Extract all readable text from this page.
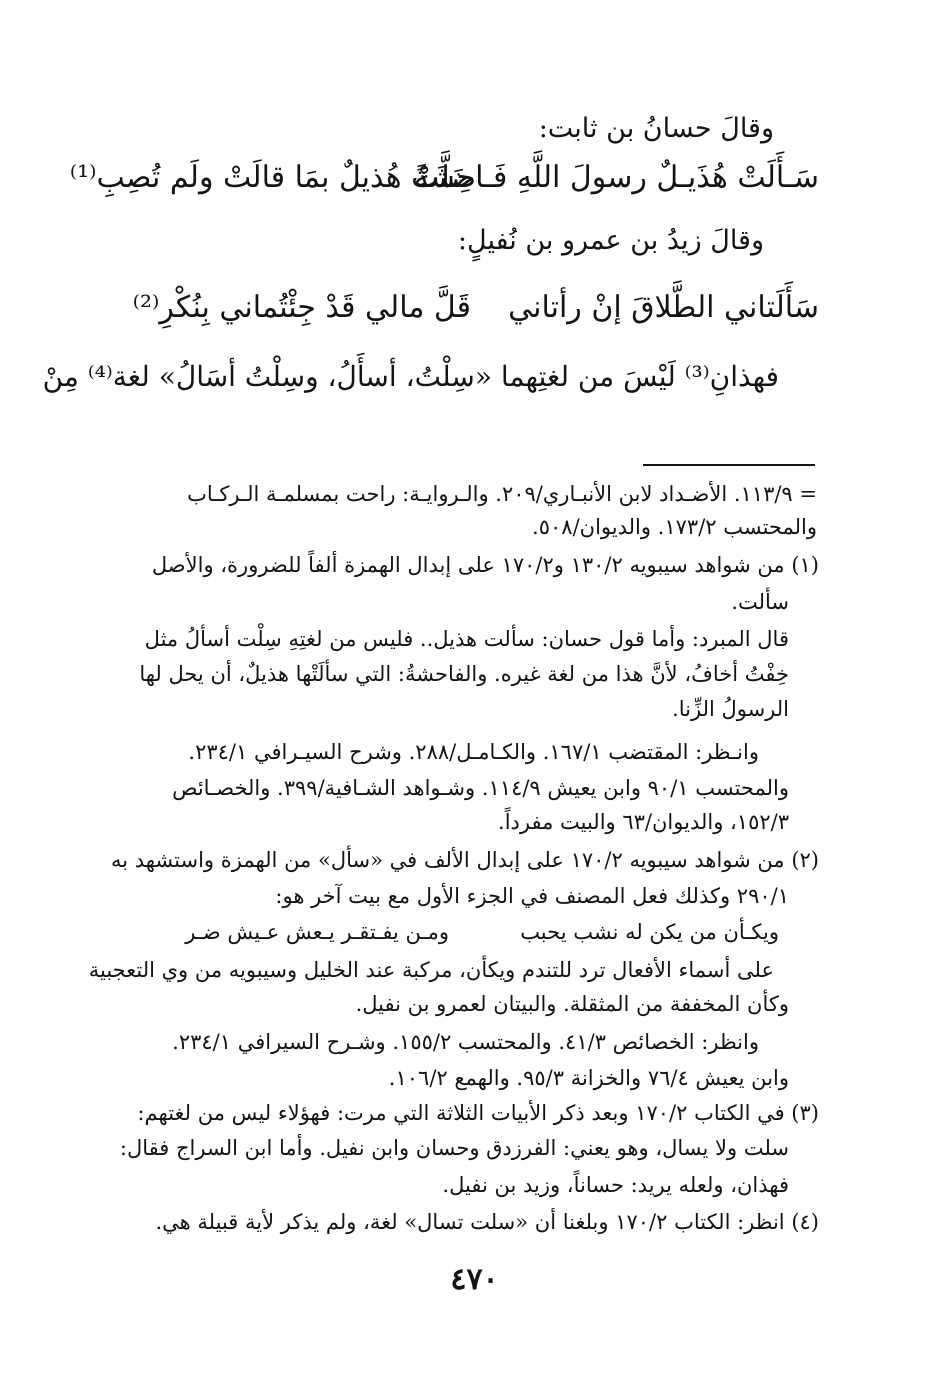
وقالَ حسانُ بن ثابت:
سَـأَلَتْ هُذَيـلٌ رسولَ اللَّهِ فَـاحِشَةً
ضَلَّتْ هُذيلٌ بمَا قالَتْ ولَم تُصِبِ⁽¹⁾
وقالَ زيدُ بن عمرو بن نُفيلٍ:
سَأَلَتاني الطَّلاقَ إنْ رأتاني
قَلَّ مالي قَدْ جِئْتُماني بِنُكْرِ⁽²⁾
فهذانِ⁽³⁾ لَيْسَ من لغتِهما «سِلْتُ، أسأَلُ، وسِلْتُ أسَالُ» لغة⁽⁴⁾ مِنْ
= ١١٣/٩. الأضـداد لابن الأنبـاري/٢٠٩. والـروايـة: راحت بمسلمـة الـركـاب
والمحتسب ١٧٣/٢. والديوان/٥٠٨.
(١) من شواهد سيبويه ١٣٠/٢ و١٧٠/٢ على إبدال الهمزة ألفاً للضرورة، والأصل
سألت.
قال المبرد: وأما قول حسان: سألت هذيل.. فليس من لغتِهِ سِلْت أسألُ مثل
خِفْتُ أخافُ، لأنَّ هذا من لغة غيره. والفاحشةُ: التي سألَتْها هذيلٌ، أن يحل لها
الرسولُ الزِّنا.
وانـظر: المقتضب ١٦٧/١. والكـامـل/٢٨٨. وشرح السيـرافي ٢٣٤/١.
والمحتسب ٩٠/١ وابن يعيش ١١٤/٩. وشـواهد الشـافية/٣٩٩. والخصـائص
١٥٢/٣، والديوان/٦٣ والبيت مفرداً.
(٢) من شواهد سيبويه ١٧٠/٢ على إبدال الألف في «سأل» من الهمزة واستشهد به
٢٩٠/١ وكذلك فعل المصنف في الجزء الأول مع بيت آخر هو:
ويكـأن من يكن له نشب يحبب
ومـن يفـتقـر يـعش عـيش ضـر
على أسماء الأفعال ترد للتندم ويكأن، مركبة عند الخليل وسيبويه من وي التعجبية
وكأن المخففة من المثقلة. والبيتان لعمرو بن نفيل.
وانظر: الخصائص ٤١/٣. والمحتسب ١٥٥/٢. وشـرح السيرافي ٢٣٤/١.
وابن يعيش ٧٦/٤ والخزانة ٩٥/٣. والهمع ١٠٦/٢.
(٣) في الكتاب ١٧٠/٢ وبعد ذكر الأبيات الثلاثة التي مرت: فهؤلاء ليس من لغتهم:
سلت ولا يسال، وهو يعني: الفرزدق وحسان وابن نفيل. وأما ابن السراج فقال:
فهذان، ولعله يريد: حساناً، وزيد بن نفيل.
(٤) انظر: الكتاب ١٧٠/٢ وبلغنا أن «سلت تسال» لغة، ولم يذكر لأية قبيلة هي.
٤٧٠
